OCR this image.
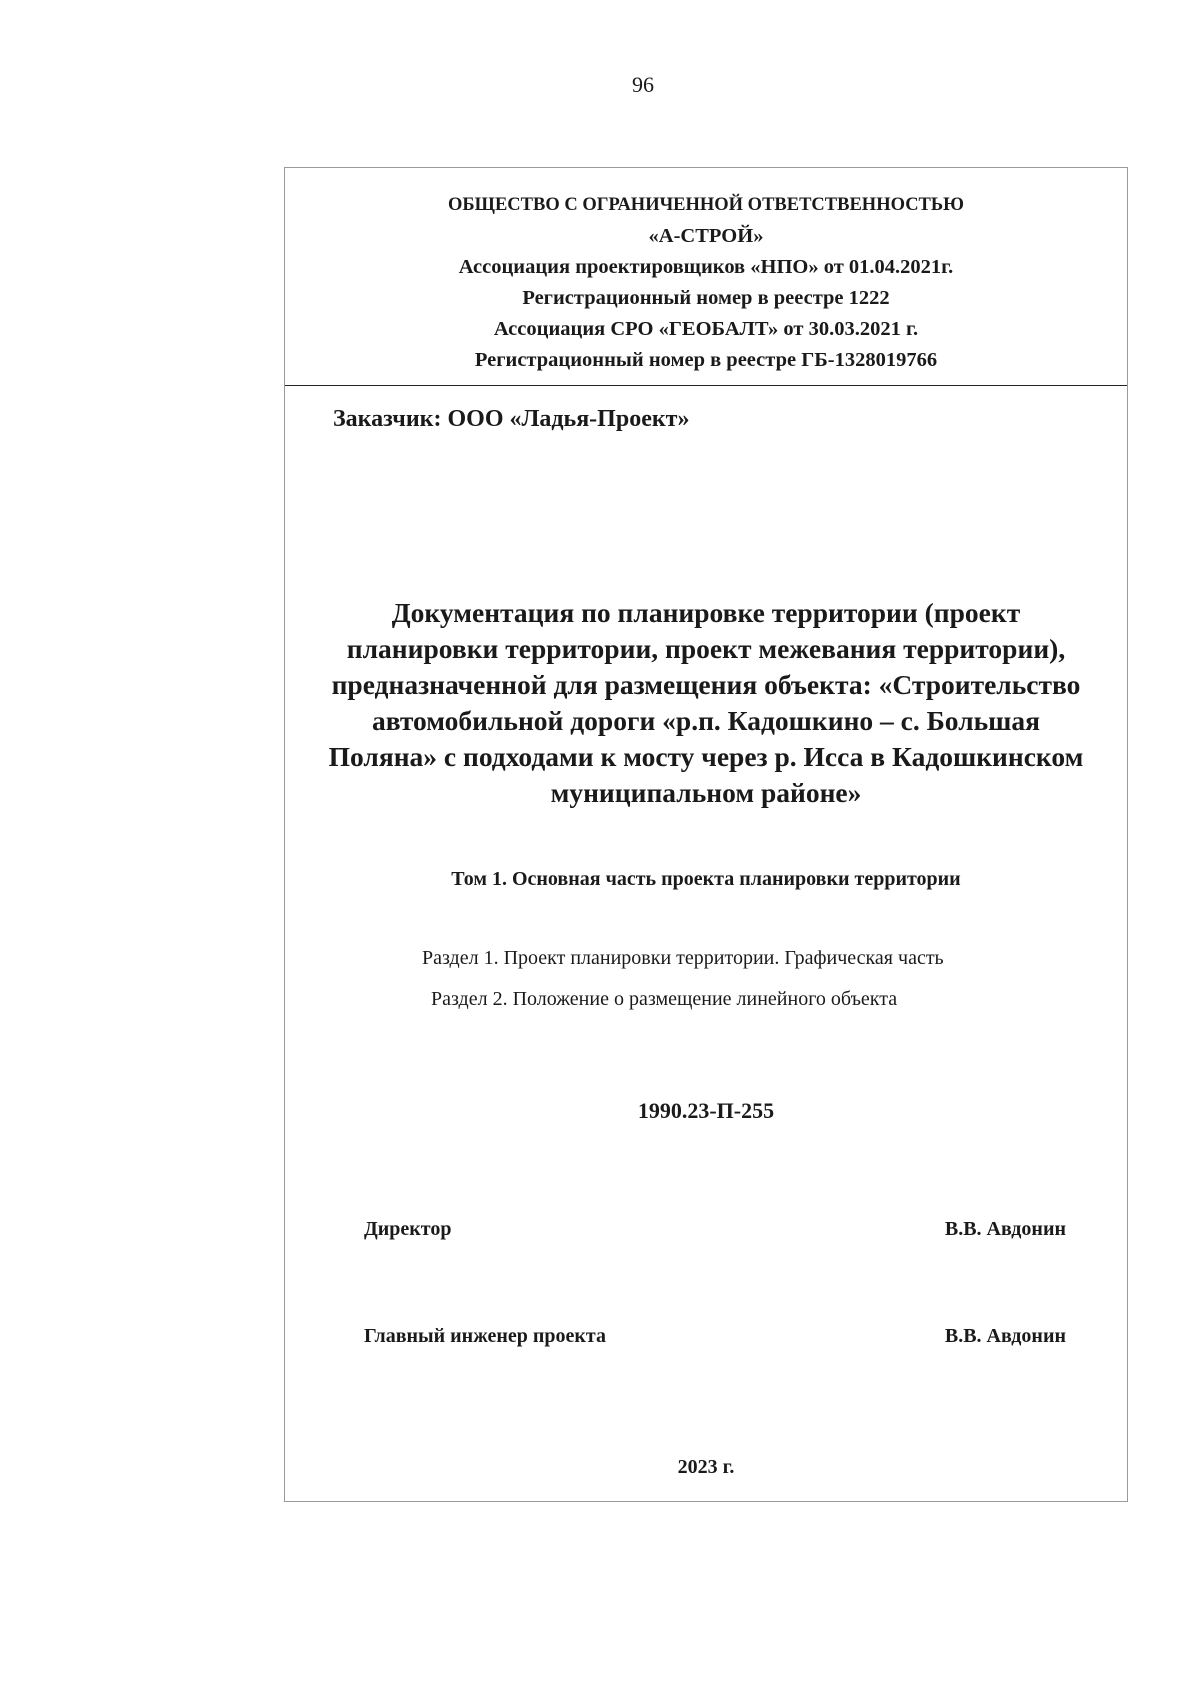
96
ОБЩЕСТВО С ОГРАНИЧЕННОЙ ОТВЕТСТВЕННОСТЬЮ
«А-СТРОЙ»
Ассоциация проектировщиков «НПО» от 01.04.2021г.
Регистрационный номер в реестре 1222
Ассоциация СРО «ГЕОБАЛТ» от 30.03.2021 г.
Регистрационный номер в реестре ГБ-1328019766
Заказчик: ООО «Ладья-Проект»
Документация по планировке территории (проект
планировки территории, проект межевания территории),
предназначенной для размещения объекта: «Строительство
автомобильной дороги «р.п. Кадошкино – с. Большая
Поляна» с подходами к мосту через р. Исса в Кадошкинском
муниципальном районе»
Том 1. Основная часть проекта планировки территории
Раздел 1. Проект планировки территории. Графическая часть
Раздел 2. Положение о размещение линейного объекта
1990.23-П-255
Директор	В.В. Авдонин
Главный инженер проекта	В.В. Авдонин
2023 г.
